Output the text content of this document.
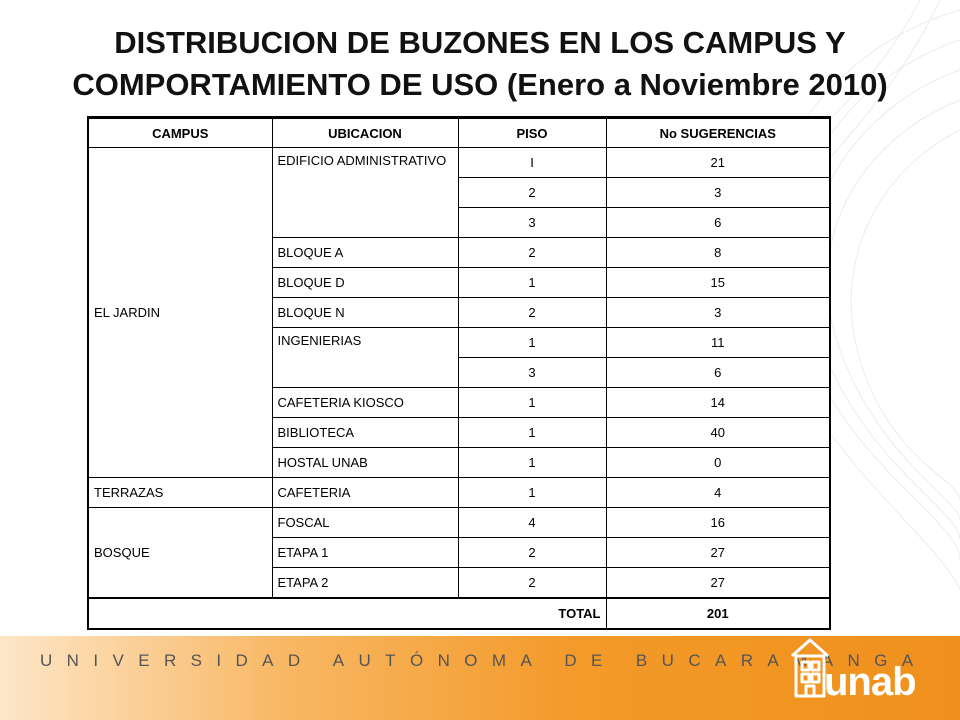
DISTRIBUCION DE BUZONES EN LOS CAMPUS Y
COMPORTAMIENTO DE USO (Enero a Noviembre 2010)
CAMPUS	UBICACION	PISO	No SUGERENCIAS
EL JARDIN	EDIFICIO ADMINISTRATIVO	I	21
		2	3
		3	6
	BLOQUE A	2	8
	BLOQUE D	1	15
	BLOQUE N	2	3
	INGENIERIAS	1	11
		3	6
	CAFETERIA KIOSCO	1	14
	BIBLIOTECA	1	40
	HOSTAL UNAB	1	0
TERRAZAS	CAFETERIA	1	4
BOSQUE	FOSCAL	4	16
	ETAPA 1	2	27
	ETAPA 2	2	27
TOTAL			201
UNIVERSIDAD AUTÓNOMA DE BUCARAMANGA
unab
